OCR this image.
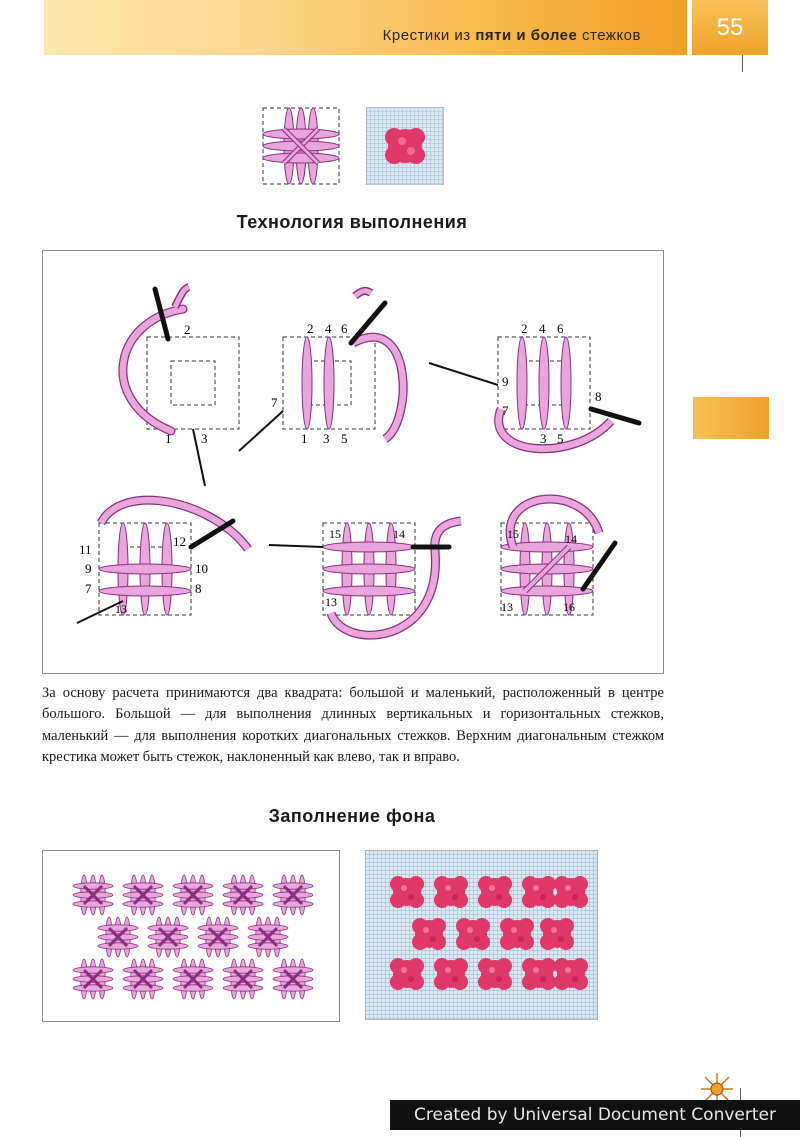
Крестики из пяти и более стежков	55
Технология выполнения
2
1 3
2 4 6
7
1 3 5
2 4 6
9
7
8
3 5
11
9
7
12
10
8
13
15	14
13
15	14
13	16
За основу расчета принимаются два квадрата: большой и маленький, расположенный в центре большого. Большой — для выполнения длинных вертикальных и горизонтальных стежков, маленький — для выполнения коротких диагональных стежков. Верхним диагональным стежком крестика может быть стежок, наклоненный как влево, так и вправо.
Заполнение фона
Created by Universal Document Converter
